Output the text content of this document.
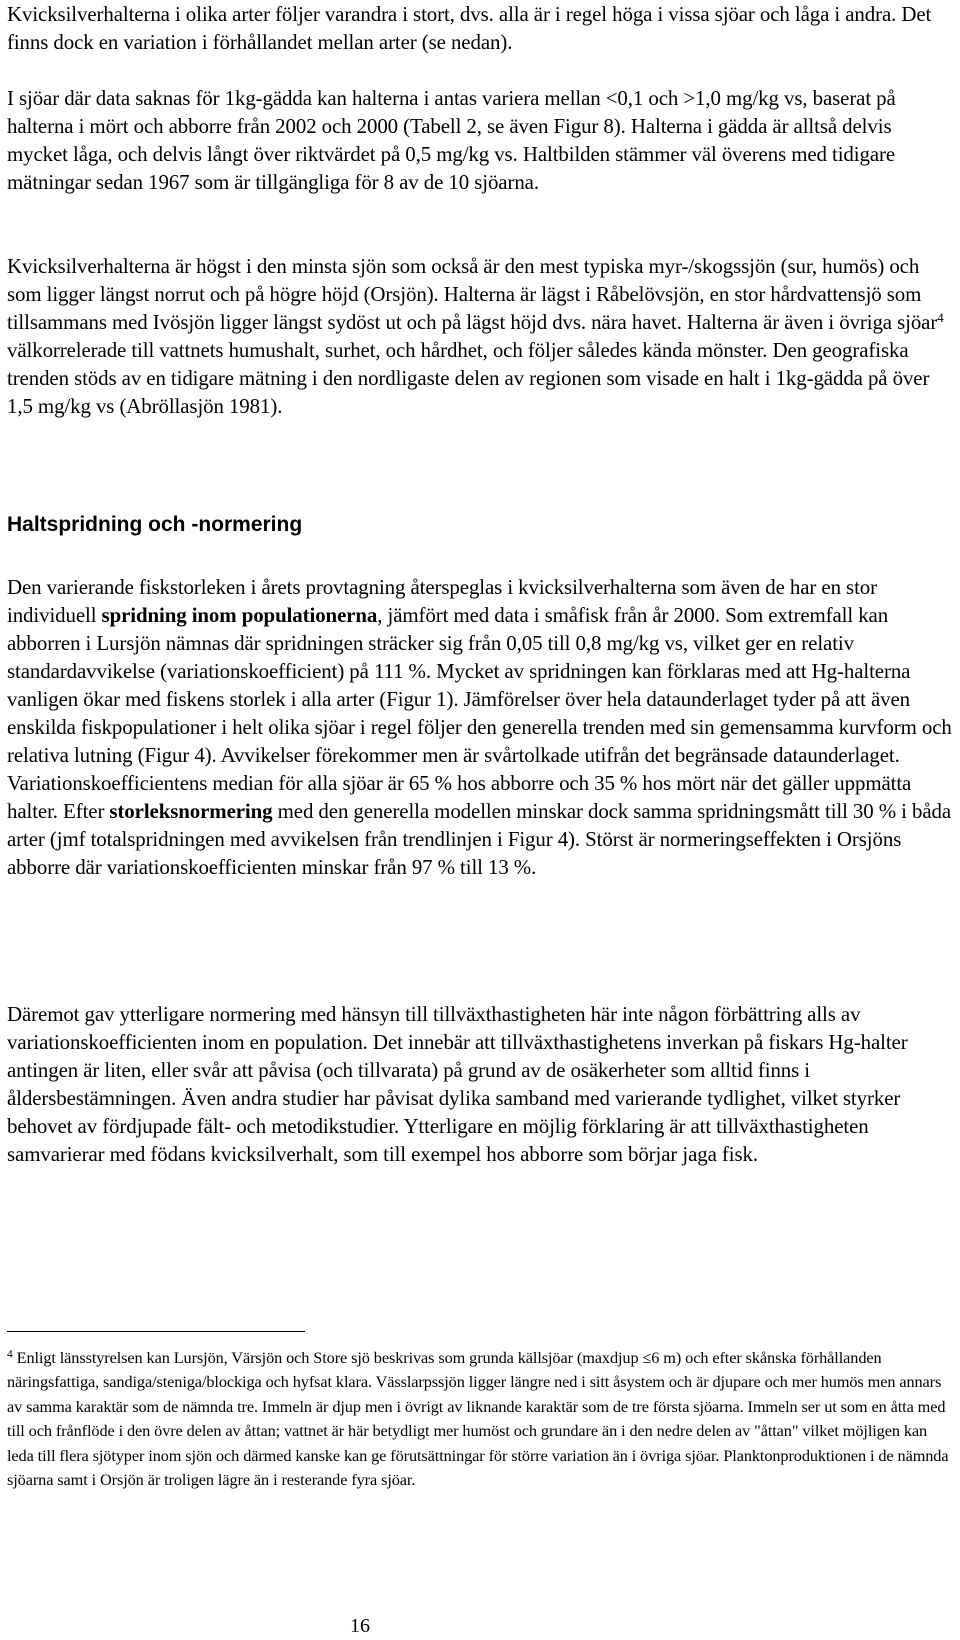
Kvicksilverhalterna i olika arter följer varandra i stort, dvs. alla är i regel höga i vissa sjöar och låga i andra. Det finns dock en variation i förhållandet mellan arter (se nedan).

I sjöar där data saknas för 1kg-gädda kan halterna i antas variera mellan <0,1 och >1,0 mg/kg vs, baserat på halterna i mört och abborre från 2002 och 2000 (Tabell 2, se även Figur 8). Halterna i gädda är alltså delvis mycket låga, och delvis långt över riktvärdet på 0,5 mg/kg vs. Haltbilden stämmer väl överens med tidigare mätningar sedan 1967 som är tillgängliga för 8 av de 10 sjöarna.

Kvicksilverhalterna är högst i den minsta sjön som också är den mest typiska myr-/skogssjön (sur, humös) och som ligger längst norrut och på högre höjd (Orsjön). Halterna är lägst i Råbelövsjön, en stor hårdvattensjö som tillsammans med Ivösjön ligger längst sydöst ut och på lägst höjd dvs. nära havet. Halterna är även i övriga sjöar$^4$ välkorrelerade till vattnets humushalt, surhet, och hårdhet, och följer således kända mönster. Den geografiska trenden stöds av en tidigare mätning i den nordligaste delen av regionen som visade en halt i 1kg-gädda på över 1,5 mg/kg vs (Abröllasjön 1981).

Haltspridning och -normering

Den varierande fiskstorleken i årets provtagning återspeglas i kvicksilverhalterna som även de har en stor individuell spridning inom populationerna, jämfört med data i småfisk från år 2000. Som extremfall kan abborren i Lursjön nämnas där spridningen sträcker sig från 0,05 till 0,8 mg/kg vs, vilket ger en relativ standardavvikelse (variationskoefficient) på 111 %. Mycket av spridningen kan förklaras med att Hg-halterna vanligen ökar med fiskens storlek i alla arter (Figur 1). Jämförelser över hela dataunderlaget tyder på att även enskilda fiskpopulationer i helt olika sjöar i regel följer den generella trenden med sin gemensamma kurvform och relativa lutning (Figur 4). Avvikelser förekommer men är svårtolkade utifrån det begränsade dataunderlaget. Variationskoefficientens median för alla sjöar är 65 % hos abborre och 35 % hos mört när det gäller uppmätta halter. Efter storleksnormering med den generella modellen minskar dock samma spridningsmått till 30 % i båda arter (jmf totalspridningen med avvikelsen från trendlinjen i Figur 4). Störst är normeringseffekten i Orsjöns abborre där variationskoefficienten minskar från 97 % till 13 %.

Däremot gav ytterligare normering med hänsyn till tillväxthastigheten här inte någon förbättring alls av variationskoefficienten inom en population. Det innebär att tillväxthastighetens inverkan på fiskars Hg-halter antingen är liten, eller svår att påvisa (och tillvarata) på grund av de osäkerheter som alltid finns i åldersbestämningen. Även andra studier har påvisat dylika samband med varierande tydlighet, vilket styrker behovet av fördjupade fält- och metodikstudier. Ytterligare en möjlig förklaring är att tillväxthastigheten samvarierar med födans kvicksilverhalt, som till exempel hos abborre som börjar jaga fisk.

$^4$ Enligt länsstyrelsen kan Lursjön, Värsjön och Store sjö beskrivas som grunda källsjöar (maxdjup ≤6 m) och efter skånska förhållanden näringsfattiga, sandiga/steniga/blockiga och hyfsat klara. Vässlarpssjön ligger längre ned i sitt åsystem och är djupare och mer humös men annars av samma karaktär som de nämnda tre. Immeln är djup men i övrigt av liknande karaktär som de tre första sjöarna. Immeln ser ut som en åtta med till och frånflöde i den övre delen av åttan; vattnet är här betydligt mer humöst och grundare än i den nedre delen av "åttan" vilket möjligen kan leda till flera sjötyper inom sjön och därmed kanske kan ge förutsättningar för större variation än i övriga sjöar. Planktonproduktionen i de nämnda sjöarna samt i Orsjön är troligen lägre än i resterande fyra sjöar.

16
